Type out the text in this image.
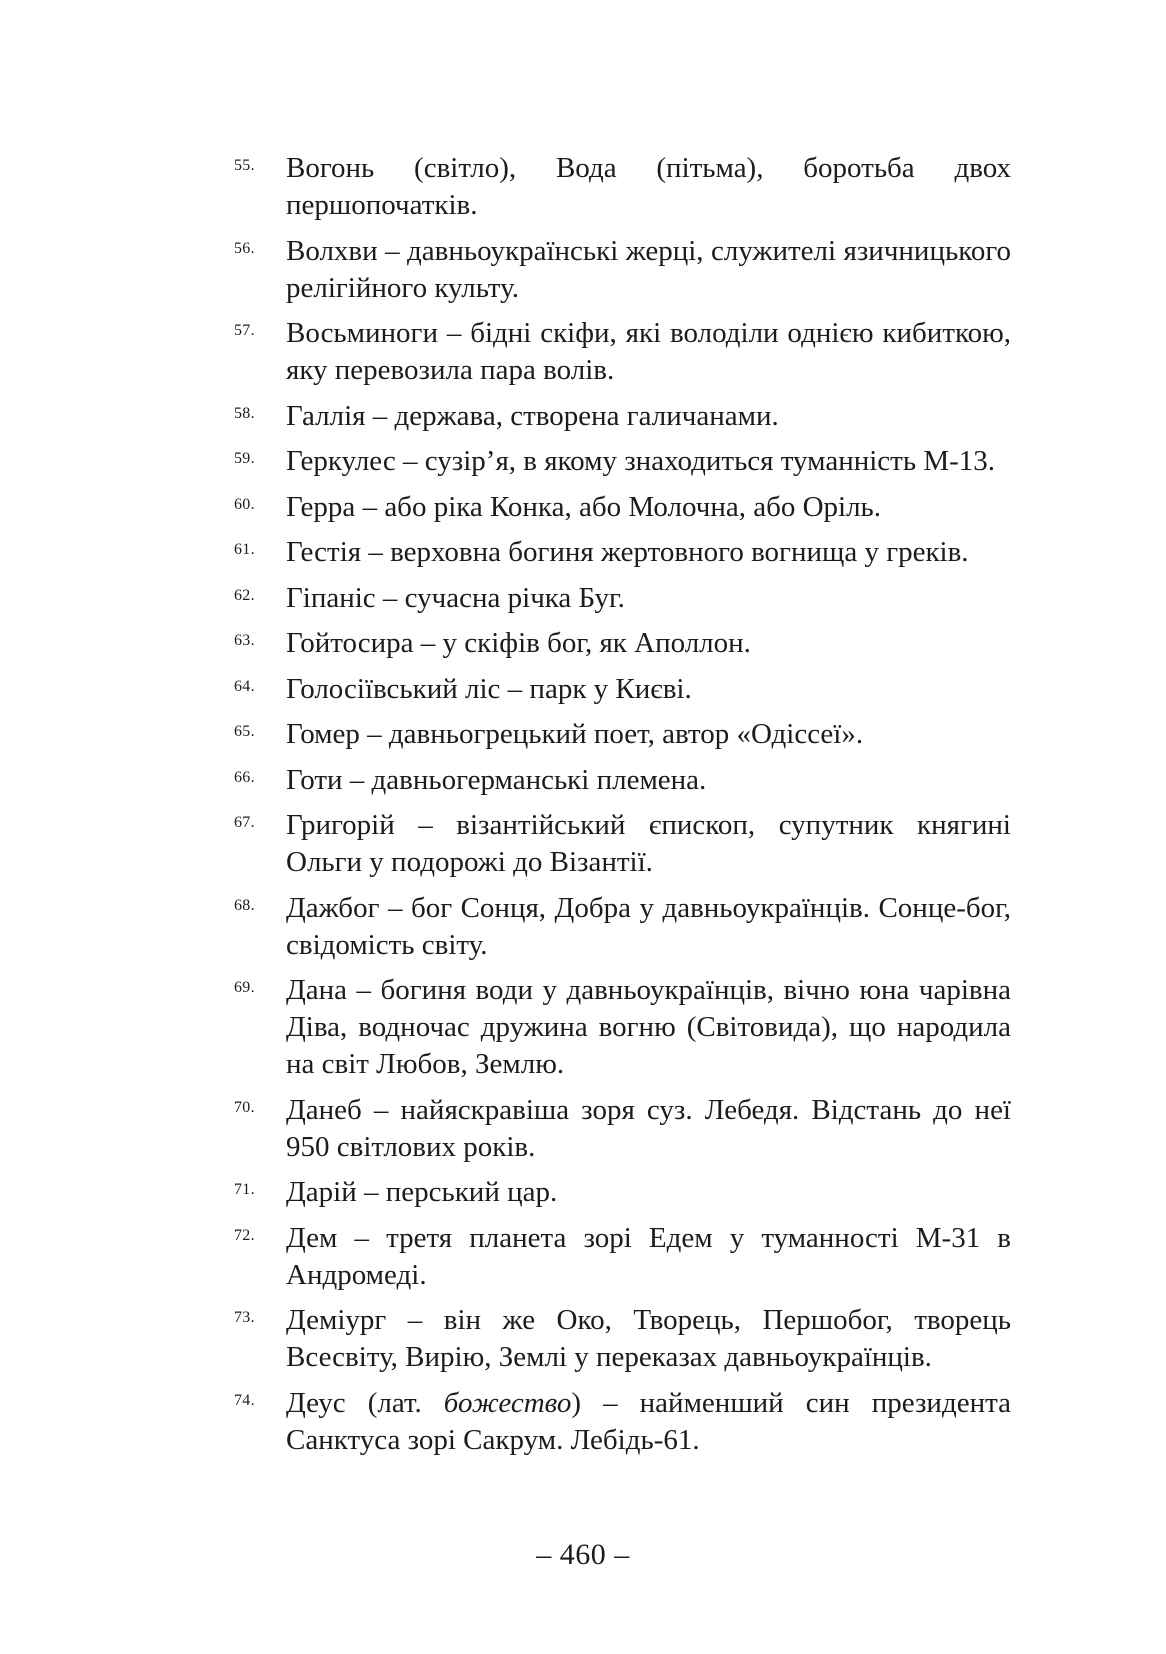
55. Вогонь (світло), Вода (пітьма), боротьба двох першопочатків.
56. Волхви – давньоукраїнські жерці, служителі язичницького релігійного культу.
57. Восьминоги – бідні скіфи, які володіли однією кибиткою, яку перевозила пара волів.
58. Галлія – держава, створена галичанами.
59. Геркулес – сузір’я, в якому знаходиться туманність М-13.
60. Герра – або ріка Конка, або Молочна, або Оріль.
61. Гестія – верховна богиня жертовного вогнища у греків.
62. Гіпаніс – сучасна річка Буг.
63. Гойтосира – у скіфів бог, як Аполлон.
64. Голосіївський ліс – парк у Києві.
65. Гомер – давньогрецький поет, автор «Одіссеї».
66. Готи – давньогерманські племена.
67. Григорій – візантійський єпископ, супутник княгині Ольги у подорожі до Візантії.
68. Дажбог – бог Сонця, Добра у давньоукраїнців. Сонце-бог, свідомість світу.
69. Дана – богиня води у давньоукраїнців, вічно юна чарівна Діва, водночас дружина вогню (Світовида), що народила на світ Любов, Землю.
70. Данеб – найяскравіша зоря суз. Лебедя. Відстань до неї 950 світлових років.
71. Дарій – перський цар.
72. Дем – третя планета зорі Едем у туманності М-31 в Андромеді.
73. Деміург – він же Око, Творець, Першобог, творець Всесвіту, Вирію, Землі у переказах давньоукраїнців.
74. Деус (лат. божество) – найменший син президента Санктуса зорі Сакрум. Лебідь-61.
– 460 –
